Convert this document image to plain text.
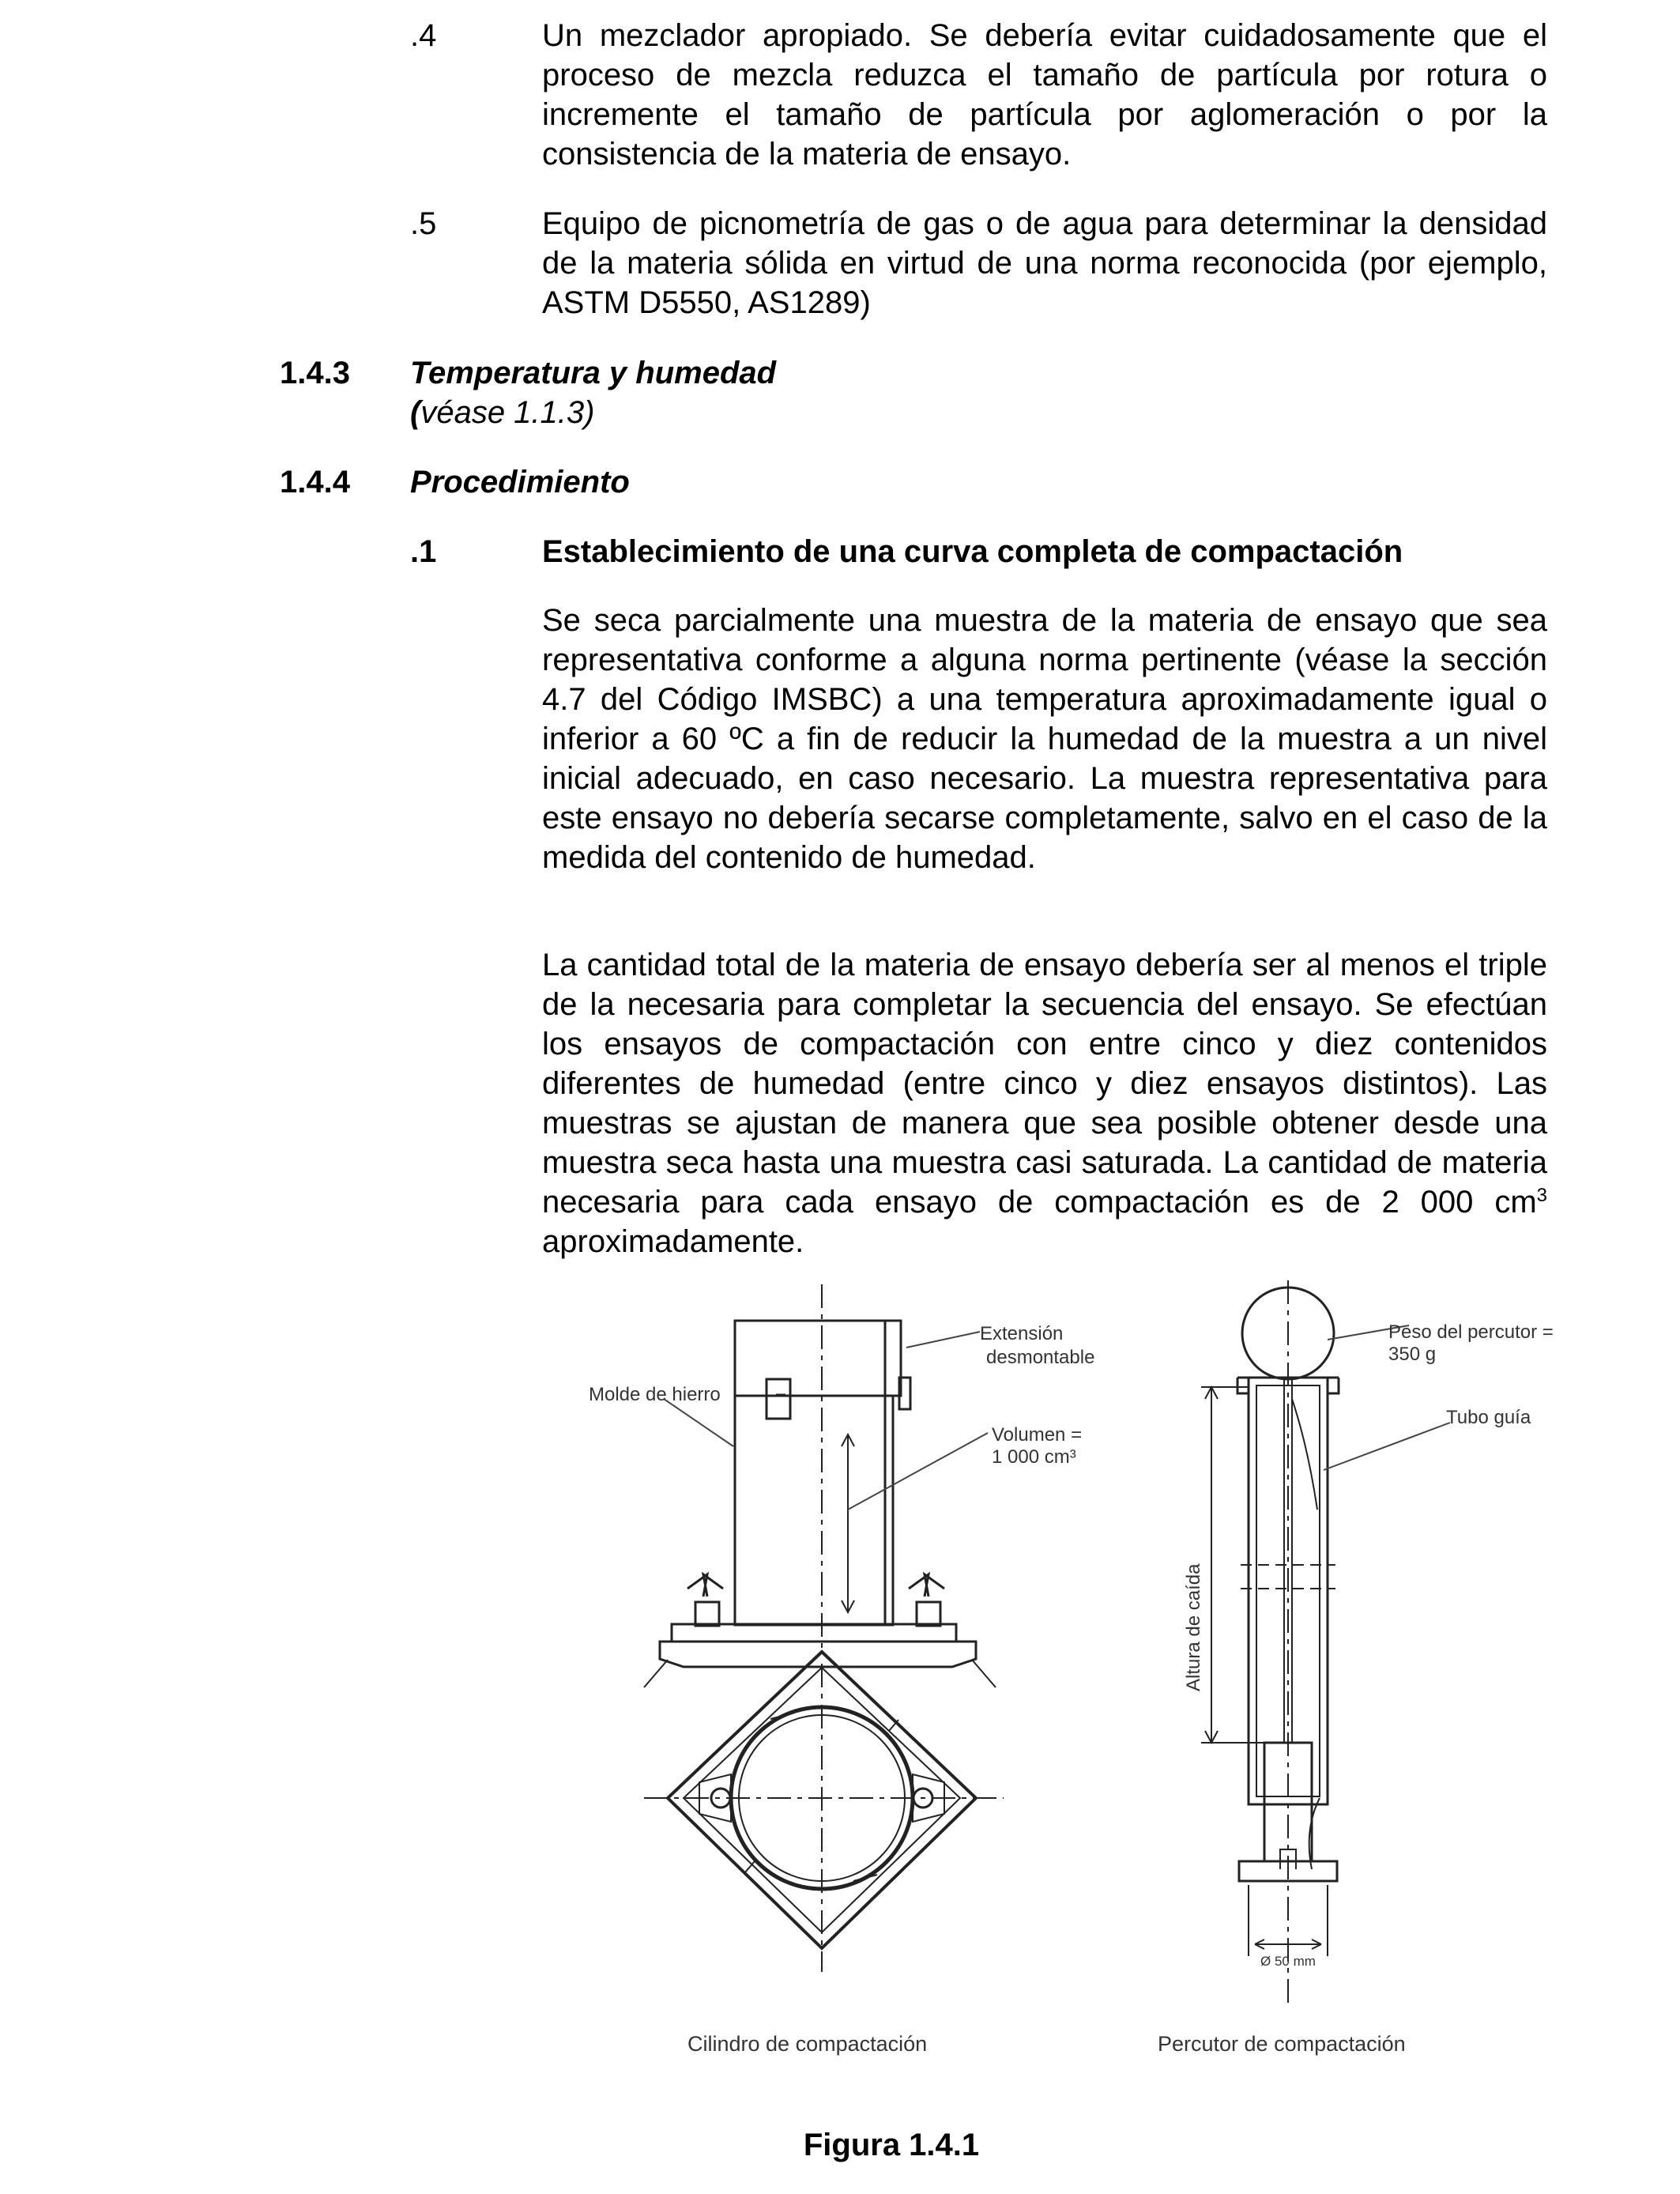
.4	Un mezclador apropiado. Se debería evitar cuidadosamente que el proceso de mezcla reduzca el tamaño de partícula por rotura o incremente el tamaño de partícula por aglomeración o por la consistencia de la materia de ensayo.
.5	Equipo de picnometría de gas o de agua para determinar la densidad de la materia sólida en virtud de una norma reconocida (por ejemplo, ASTM D5550, AS1289)
1.4.3 Temperatura y humedad
(véase 1.1.3)
1.4.4 Procedimiento
.1	Establecimiento de una curva completa de compactación
Se seca parcialmente una muestra de la materia de ensayo que sea representativa conforme a alguna norma pertinente (véase la sección 4.7 del Código IMSBC) a una temperatura aproximadamente igual o inferior a 60 ºC a fin de reducir la humedad de la muestra a un nivel inicial adecuado, en caso necesario. La muestra representativa para este ensayo no debería secarse completamente, salvo en el caso de la medida del contenido de humedad.
La cantidad total de la materia de ensayo debería ser al menos el triple de la necesaria para completar la secuencia del ensayo. Se efectúan los ensayos de compactación con entre cinco y diez contenidos diferentes de humedad (entre cinco y diez ensayos distintos). Las muestras se ajustan de manera que sea posible obtener desde una muestra seca hasta una muestra casi saturada. La cantidad de materia necesaria para cada ensayo de compactación es de 2 000 $cm^3$ aproximadamente.
Extensión
desmontable
Molde de hierro
Volumen =
1 000 cm³
Peso del percutor =
350 g
Tubo guía
Altura de caída
Ø 50 mm
Cilindro de compactación	Percutor de compactación
Figura 1.4.1
